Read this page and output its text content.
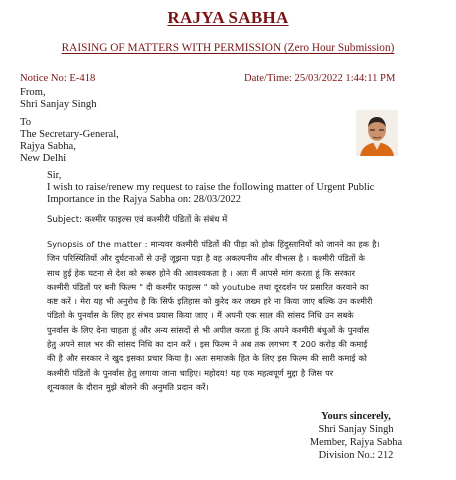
RAJYA SABHA
RAISING OF MATTERS WITH PERMISSION (Zero Hour Submission)
Notice No: E-418	Date/Time: 25/03/2022 1:44:11 PM
From,
Shri Sanjay Singh
To
The Secretary-General,
Rajya Sabha,
New Delhi
Sir,
I wish to raise/renew my request to raise the following matter of Urgent Public
Importance in the Rajya Sabha on: 28/03/2022
Subject: कश्मीर फाइल्स एवं कश्मीरी पंडितों के संबंध में

Synopsis of the matter : मान्यवर कश्मीरी पंडितों की पीड़ा को होक हिंदुस्तानियों को जानने का हक है।

जिन परिस्थितियों और दुर्घटनाओं से उन्हें जूझना पड़ा है वह अकल्पनीय और वीभत्स है । कश्मीरी पंडितों के

साथ हुई हेक घटना से देश को रूबरु होने की आवश्यकता है । अतः मैं आपसे मांग करता हूं कि सरकार

कश्मीरी पंडितों पर बनी फिल्म " दी कश्मीर फाइल्स " को youtube तथा दूरदर्शन पर प्रसारित करवाने का

कष्ट करें । मेरा यह भी अनुरोध है कि सिर्फ इतिहास को कुरेद कर जख्म हरे ना किया जाए बल्कि उन कश्मीरी

पंडितो के पुनर्वास के लिए हर संभव प्रयास किया जाए । मैं अपनी एक साल की सांसद निधि उन सबके

पुनर्वास के लिए देना चाहता हूं और अन्य सांसदों से भी अपील करता हूं कि अपने कश्मीरी बंधुओं के पुनर्वास

हेतु अपने साल भर की सांसद निधि का दान करें । इस फिल्म ने अब तक लगभग ₹ 200 करोड़ की कमाई

की है और सरकार ने खुद इसका प्रचार किया है। अतः समाजके हित के लिए इस फिल्म की सारी कमाई को

कश्मीरी पंडितों के पुनर्वास हेतु लगाया जाना चाहिए। महोदय! यह एक महत्वपूर्ण मुद्दा है जिस पर

शून्यकाल के दौरान मुझे बोलने की अनुमति प्रदान करें।

Yours sincerely,
Shri Sanjay Singh
Member, Rajya Sabha
Division No.: 212
